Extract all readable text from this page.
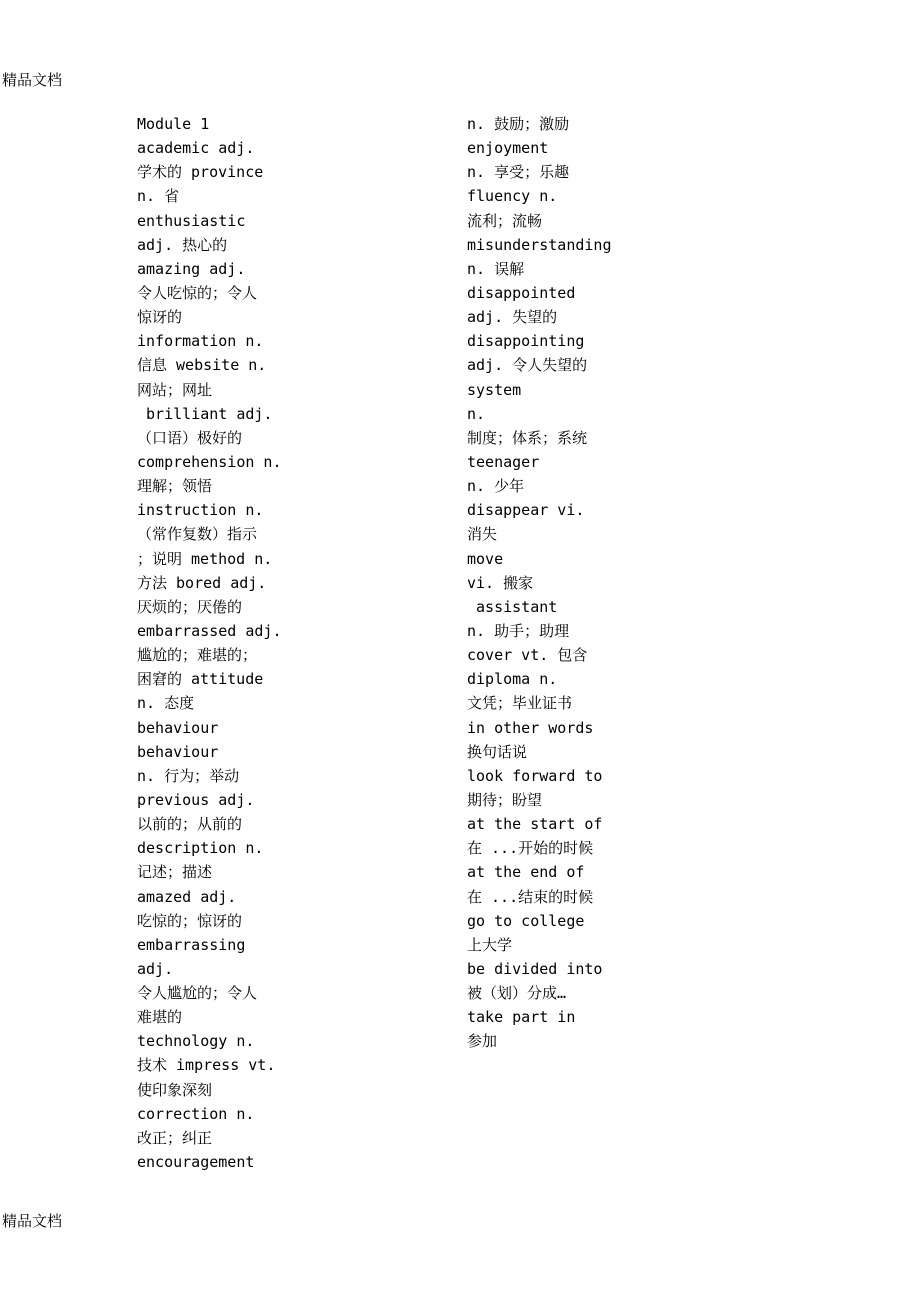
精品文档
Module 1
academic adj.
学术的 province
n. 省
enthusiastic
adj. 热心的
amazing adj.
令人吃惊的；令人
惊讶的
information n.
信息 website n.
网站；网址
brilliant adj.
（口语）极好的
comprehension n.
理解；领悟
instruction n.
（常作复数）指示
；说明 method n.
方法 bored adj.
厌烦的；厌倦的
embarrassed adj.
尴尬的；难堪的；
困窘的 attitude
n. 态度
behaviour
behaviour
n. 行为；举动
previous adj.
以前的；从前的
description n.
记述；描述
amazed adj.
吃惊的；惊讶的
embarrassing
adj.
令人尴尬的；令人
难堪的
technology n.
技术 impress vt.
使印象深刻
correction n.
改正；纠正
encouragement
n. 鼓励；激励
enjoyment
n. 享受；乐趣
fluency n.
流利；流畅
misunderstanding
n. 误解
disappointed
adj. 失望的
disappointing
adj. 令人失望的
system
n.
制度；体系；系统
teenager
n. 少年
disappear vi.
消失
move
vi. 搬家
assistant
n. 助手；助理
cover vt. 包含
diploma n.
文凭；毕业证书
in other words
换句话说
look forward to
期待；盼望
at the start of
在 ...开始的时候
at the end of
在 ...结束的时候
go to college
上大学
be divided into
被（划）分成…
take part in
参加
精品文档
